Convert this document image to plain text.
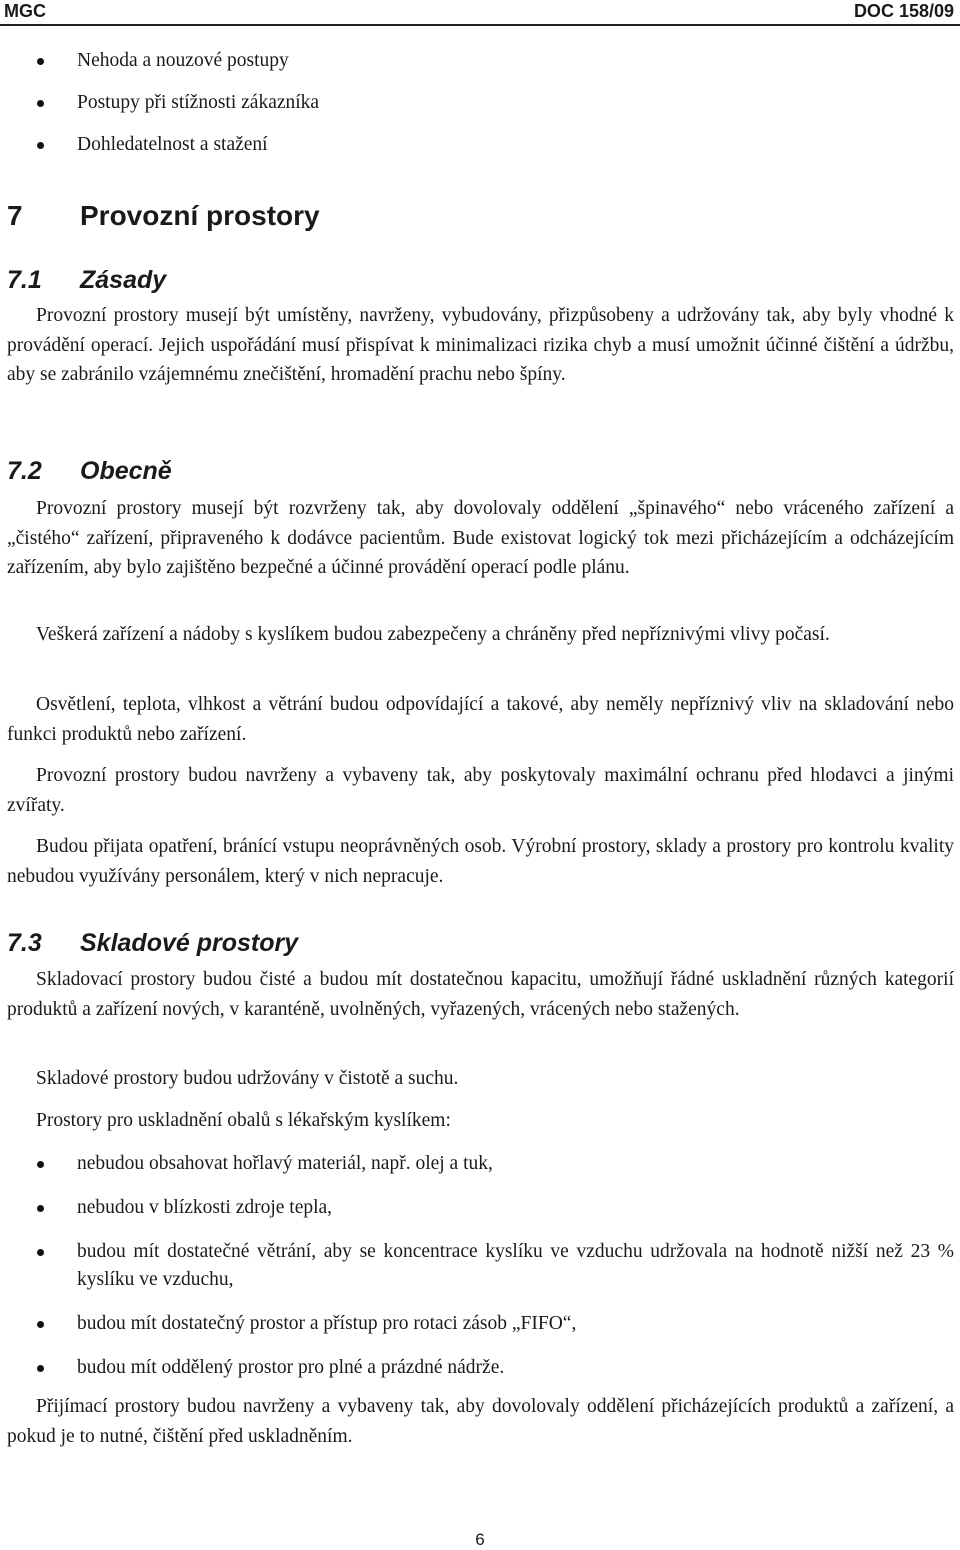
MGC	DOC 158/09
Nehoda a nouzové postupy
Postupy při stížnosti zákazníka
Dohledatelnost a stažení
7 Provozní prostory
7.1 Zásady
Provozní prostory musejí být umístěny, navrženy, vybudovány, přizpůsobeny a udržovány tak, aby byly vhodné k provádění operací. Jejich uspořádání musí přispívat k minimalizaci rizika chyb a musí umožnit účinné čištění a údržbu, aby se zabránilo vzájemnému znečištění, hromadění prachu nebo špíny.
7.2 Obecně
Provozní prostory musejí být rozvrženy tak, aby dovolovaly oddělení „špinavého“ nebo vráceného zařízení a „čistého“ zařízení, připraveného k dodávce pacientům. Bude existovat logický tok mezi přicházejícím a odcházejícím zařízením, aby bylo zajištěno bezpečné a účinné provádění operací podle plánu.
Veškerá zařízení a nádoby s kyslíkem budou zabezpečeny a chráněny před nepříznivými vlivy počasí.
Osvětlení, teplota, vlhkost a větrání budou odpovídající a takové, aby neměly nepříznivý vliv na skladování nebo funkci produktů nebo zařízení.
Provozní prostory budou navrženy a vybaveny tak, aby poskytovaly maximální ochranu před hlodavci a jinými zvířaty.
Budou přijata opatření, bránící vstupu neoprávněných osob. Výrobní prostory, sklady a prostory pro kontrolu kvality nebudou využívány personálem, který v nich nepracuje.
7.3 Skladové prostory
Skladovací prostory budou čisté a budou mít dostatečnou kapacitu, umožňují řádné uskladnění různých kategorií produktů a zařízení nových, v karanténě, uvolněných, vyřazených, vrácených nebo stažených.
Skladové prostory budou udržovány v čistotě a suchu.
Prostory pro uskladnění obalů s lékařským kyslíkem:
nebudou obsahovat hořlavý materiál, např. olej a tuk,
nebudou v blízkosti zdroje tepla,
budou mít dostatečné větrání, aby se koncentrace kyslíku ve vzduchu udržovala na hodnotě nižší než 23 % kyslíku ve vzduchu,
budou mít dostatečný prostor a přístup pro rotaci zásob „FIFO“,
budou mít oddělený prostor pro plné a prázdné nádrže.
Přijímací prostory budou navrženy a vybaveny tak, aby dovolovaly oddělení přicházejících produktů a zařízení, a pokud je to nutné, čištění před uskladněním.
6
